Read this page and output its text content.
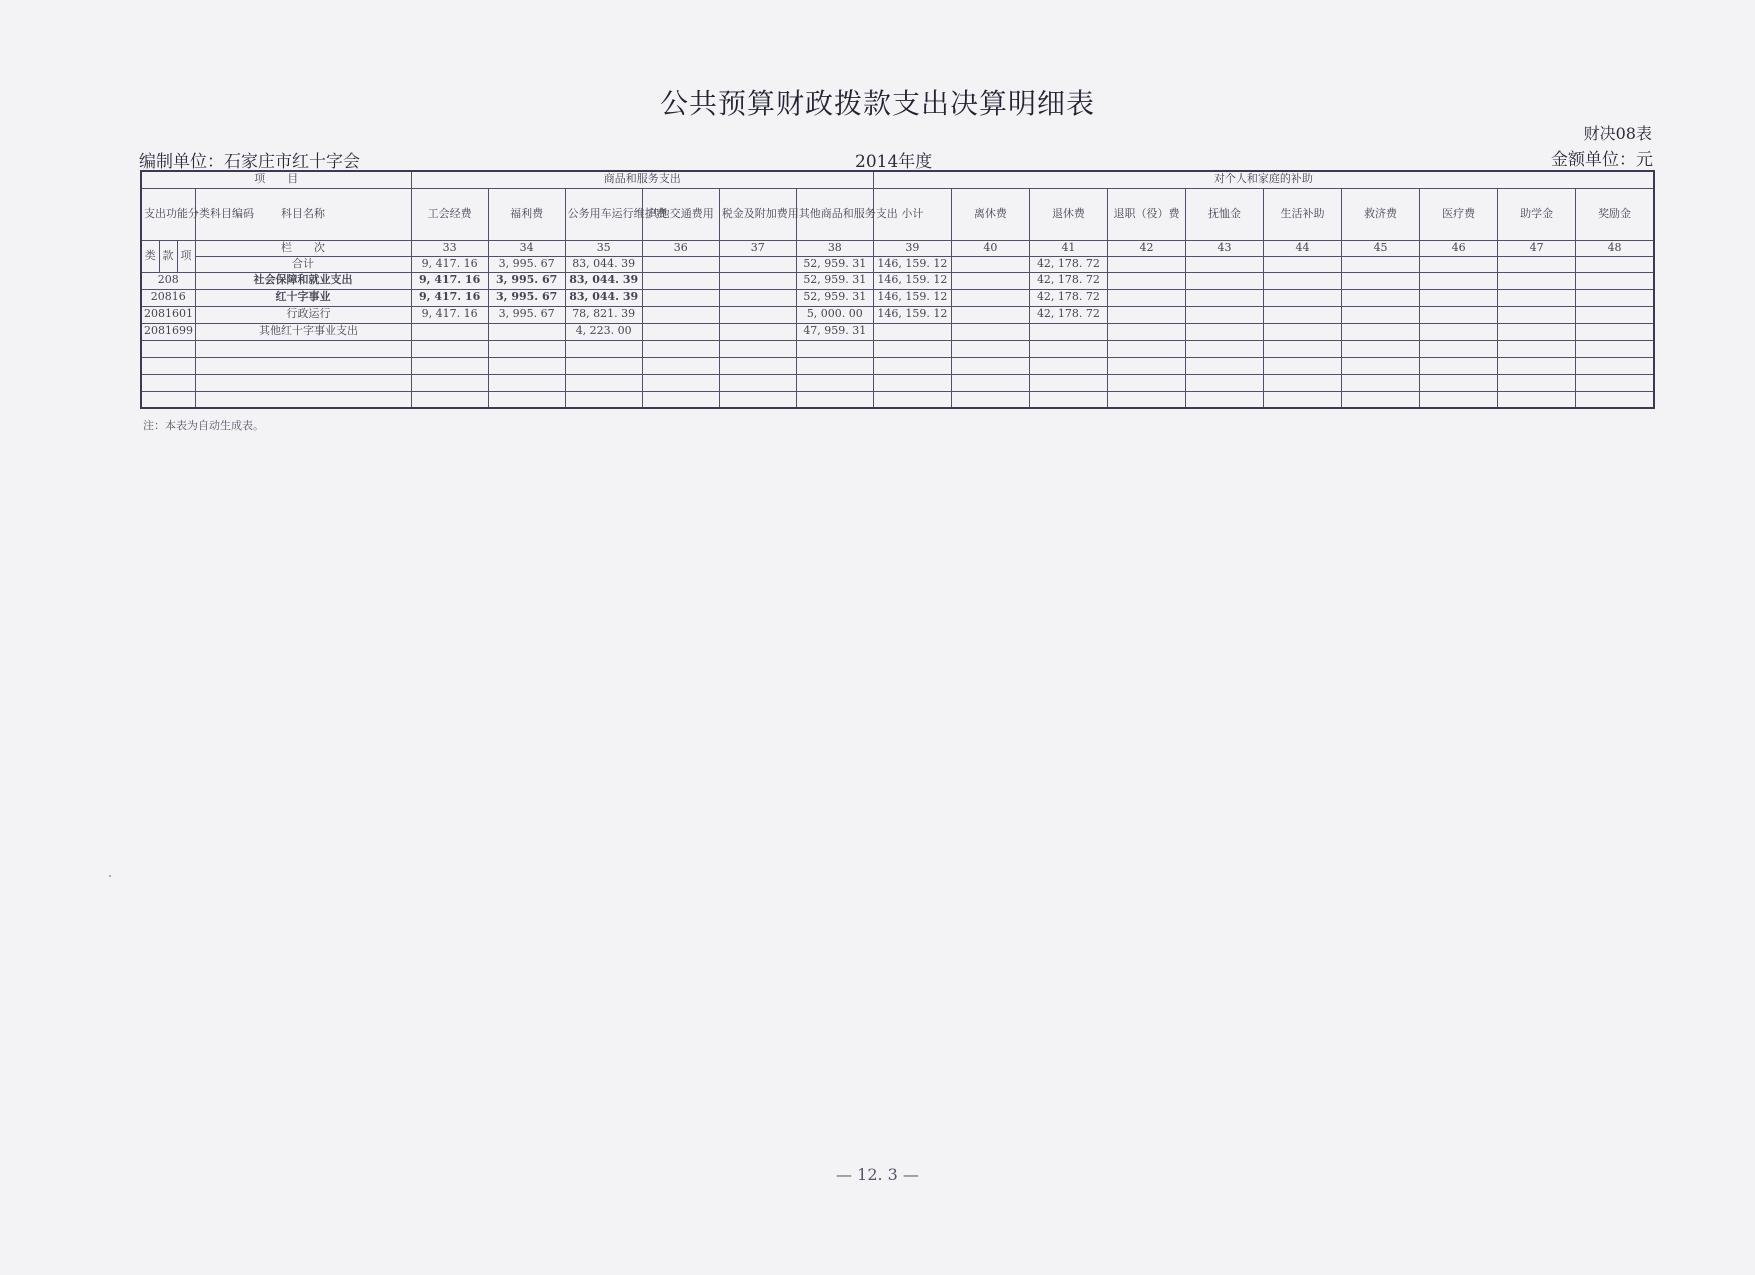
公共预算财政拨款支出决算明细表
财决08表
编制单位：石家庄市红十字会	2014年度	金额单位：元
项　　目				商品和服务支出						对个人和家庭的补助									
支出功能分类科目编码			科目名称	工会经费	福利费	公务用车运行维护费	其他交通费用	税金及附加费用	其他商品和服务支出	小计	离休费	退休费	退职（役）费	抚恤金	生活补助	救济费	医疗费	助学金	奖励金
类	款	项	栏　　次	33	34	35	36	37	38	39	40	41	42	43	44	45	46	47	48
			合计	9, 417. 16	3, 995. 67	83, 044. 39			52, 959. 31	146, 159. 12		42, 178. 72							
208			社会保障和就业支出	9, 417. 16	3, 995. 67	83, 044. 39			52, 959. 31	146, 159. 12		42, 178. 72							
20816			红十字事业	9, 417. 16	3, 995. 67	83, 044. 39			52, 959. 31	146, 159. 12		42, 178. 72							
2081601			　行政运行	9, 417. 16	3, 995. 67	78, 821. 39			5, 000. 00	146, 159. 12		42, 178. 72							
2081699			　其他红十字事业支出			4, 223. 00			47, 959. 31										

注：本表为自动生成表。
— 12. 3 —
